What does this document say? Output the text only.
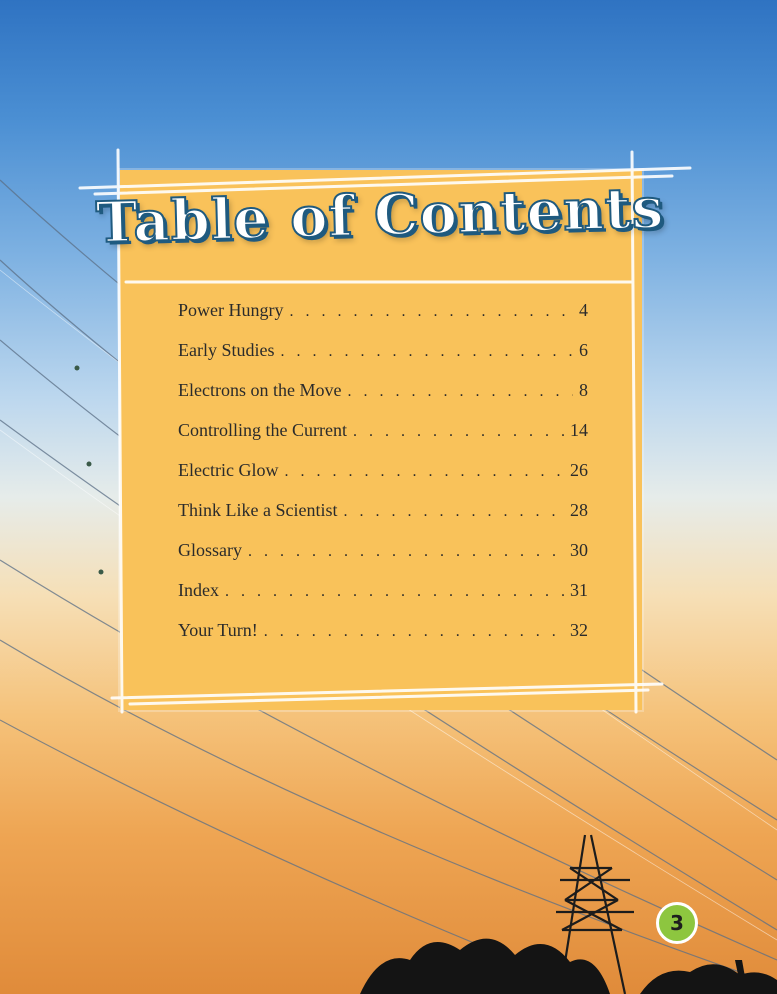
Table of Contents
Power Hungry . . .	4
Early Studies . . .	6
Electrons on the Move . . .	8
Controlling the Current . . .	14
Electric Glow . . .	26
Think Like a Scientist . . .	28
Glossary . . .	30
Index . . .	31
Your Turn! . . .	32
3
